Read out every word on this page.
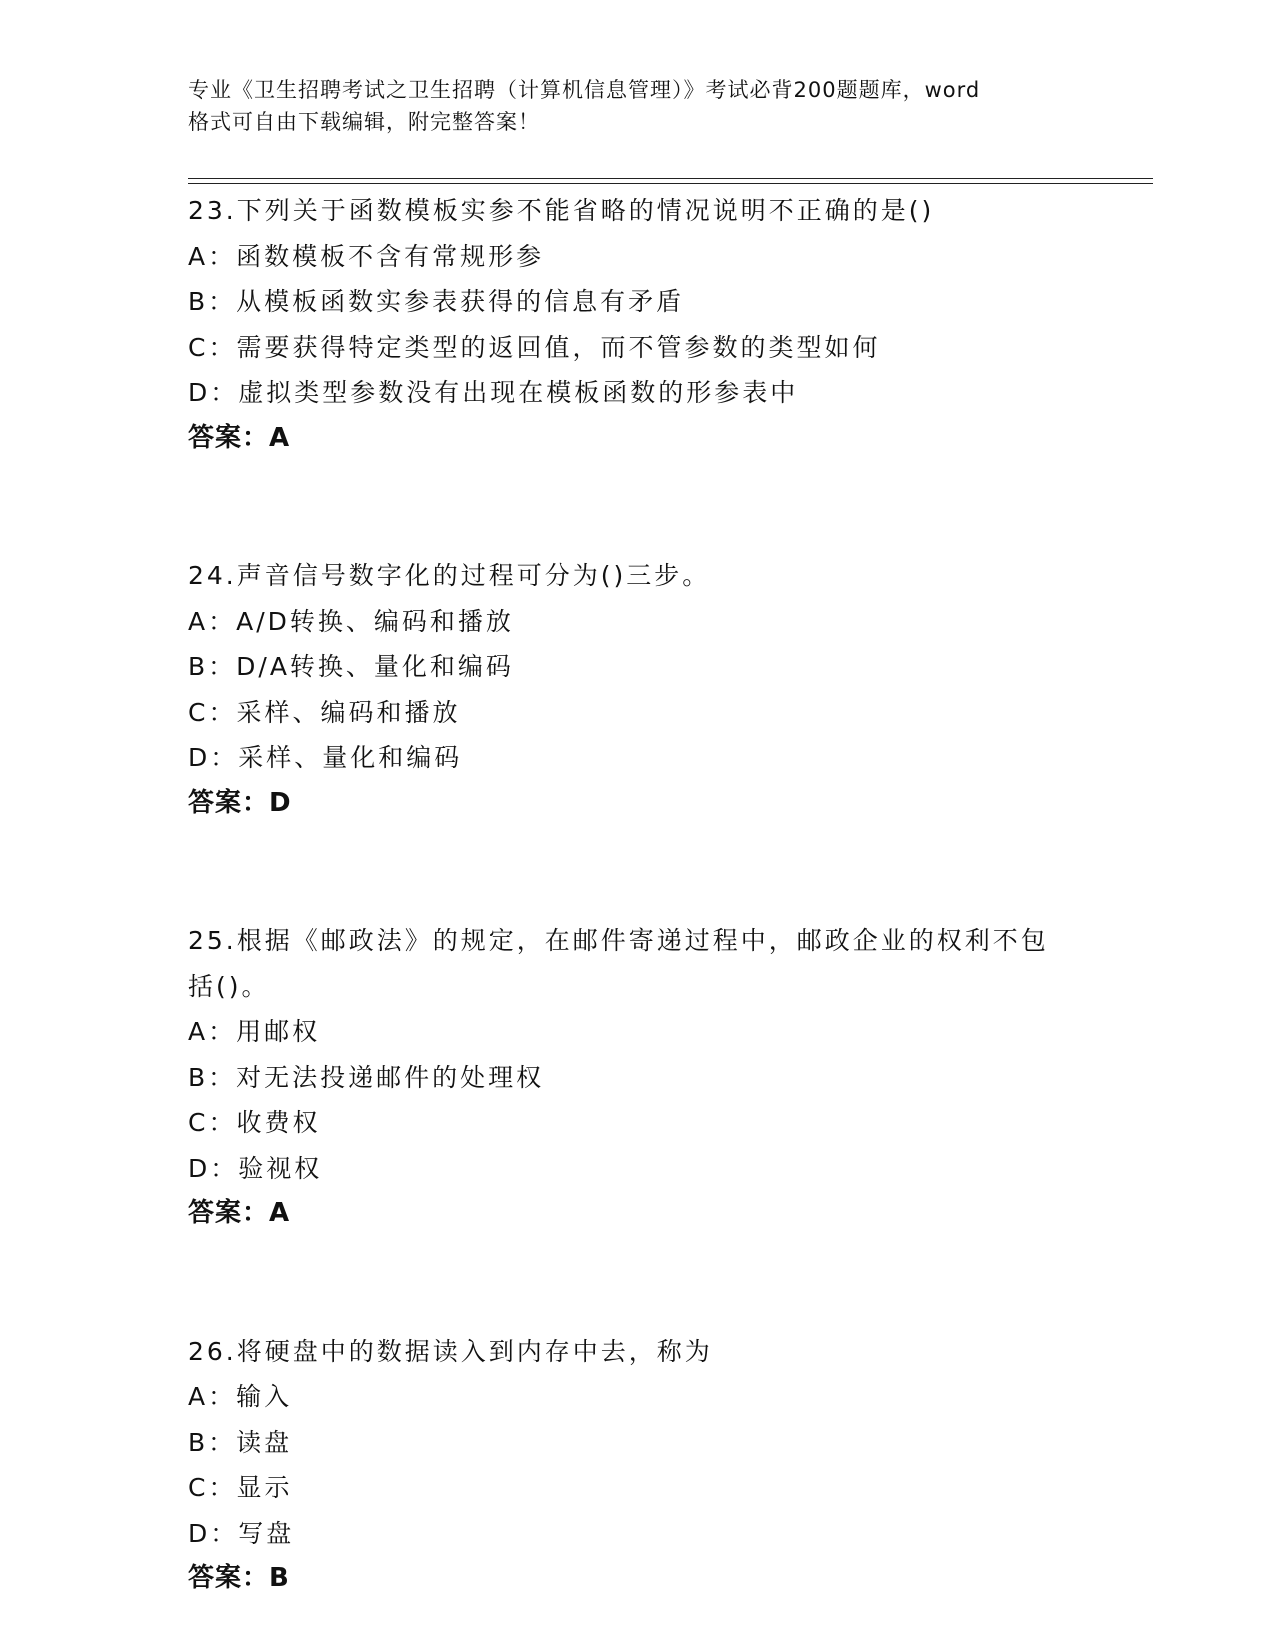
专业《卫生招聘考试之卫生招聘（计算机信息管理）》考试必背200题题库，word
格式可自由下载编辑，附完整答案！
23.下列关于函数模板实参不能省略的情况说明不正确的是()
A：函数模板不含有常规形参
B：从模板函数实参表获得的信息有矛盾
C：需要获得特定类型的返回值，而不管参数的类型如何
D：虚拟类型参数没有出现在模板函数的形参表中
答案：A
24.声音信号数字化的过程可分为()三步。
A：A/D转换、编码和播放
B：D/A转换、量化和编码
C：采样、编码和播放
D：采样、量化和编码
答案：D
25.根据《邮政法》的规定，在邮件寄递过程中，邮政企业的权利不包
括()。
A：用邮权
B：对无法投递邮件的处理权
C：收费权
D：验视权
答案：A
26.将硬盘中的数据读入到内存中去，称为
A：输入
B：读盘
C：显示
D：写盘
答案：B
